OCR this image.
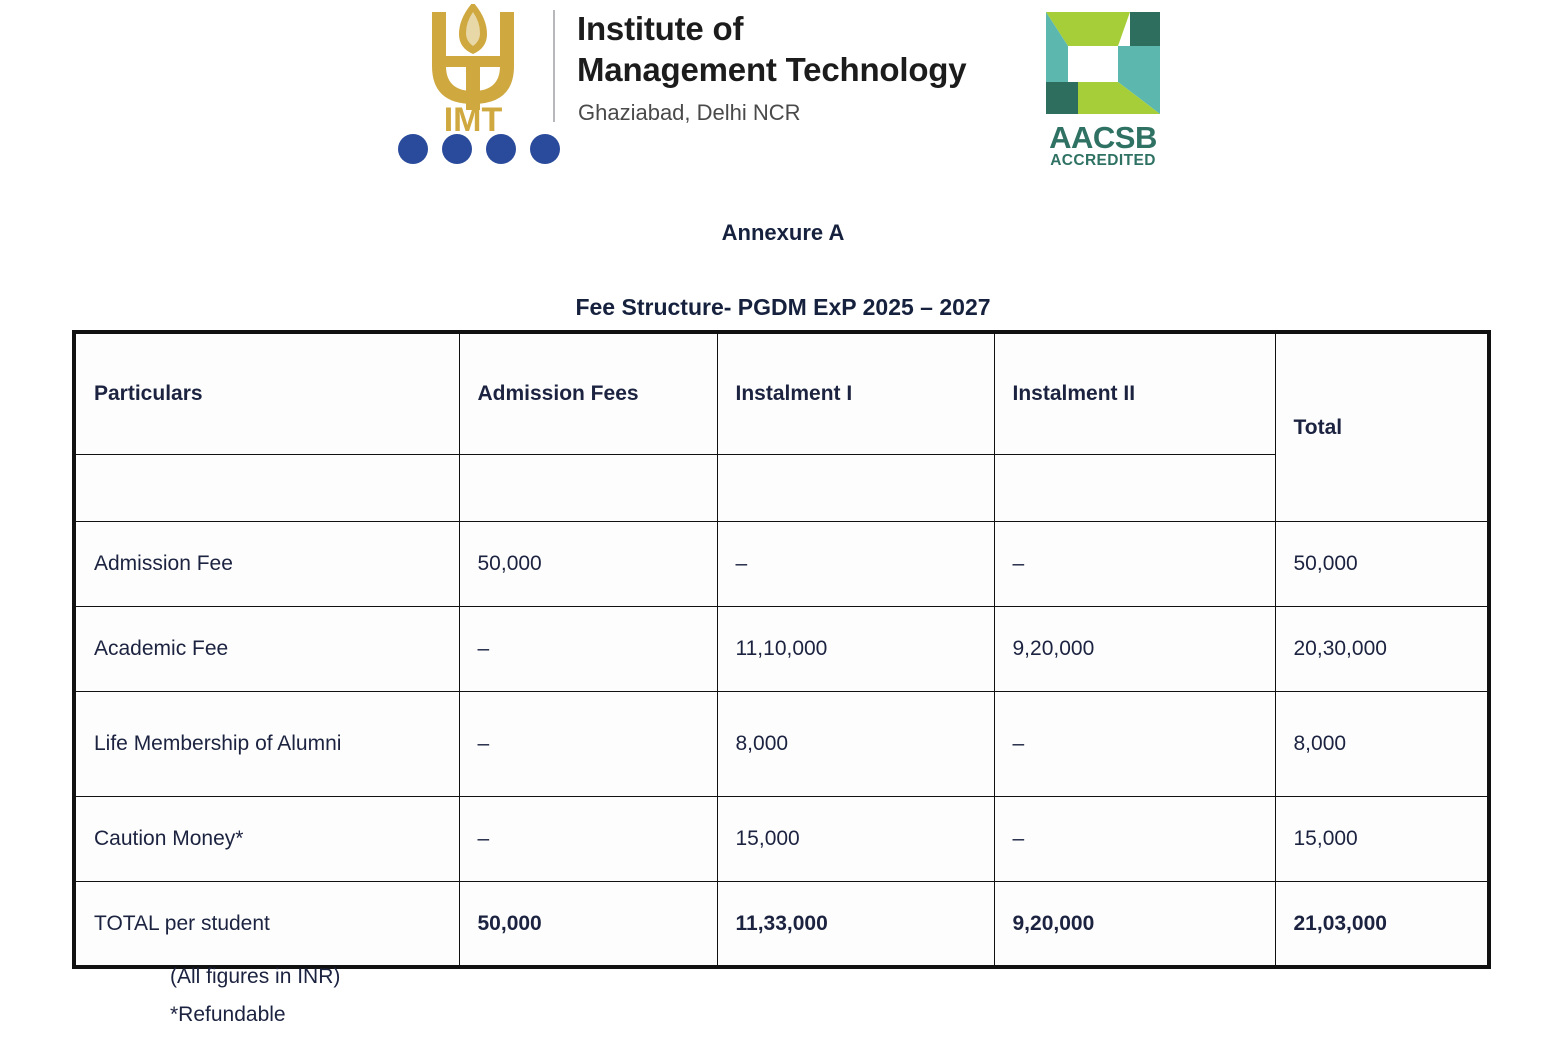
IMT
Institute of
Management Technology
Ghaziabad, Delhi NCR
AACSB
ACCREDITED
Annexure A
Fee Structure- PGDM ExP 2025 – 2027
Particulars	Admission Fees	Instalment I	Instalment II	Total

Admission Fee	50,000	–	–	50,000
Academic Fee	–	11,10,000	9,20,000	20,30,000
Life Membership of Alumni	–	8,000	–	8,000
Caution Money*	–	15,000	–	15,000
TOTAL per student	50,000	11,33,000	9,20,000	21,03,000
(All figures in INR)
*Refundable
